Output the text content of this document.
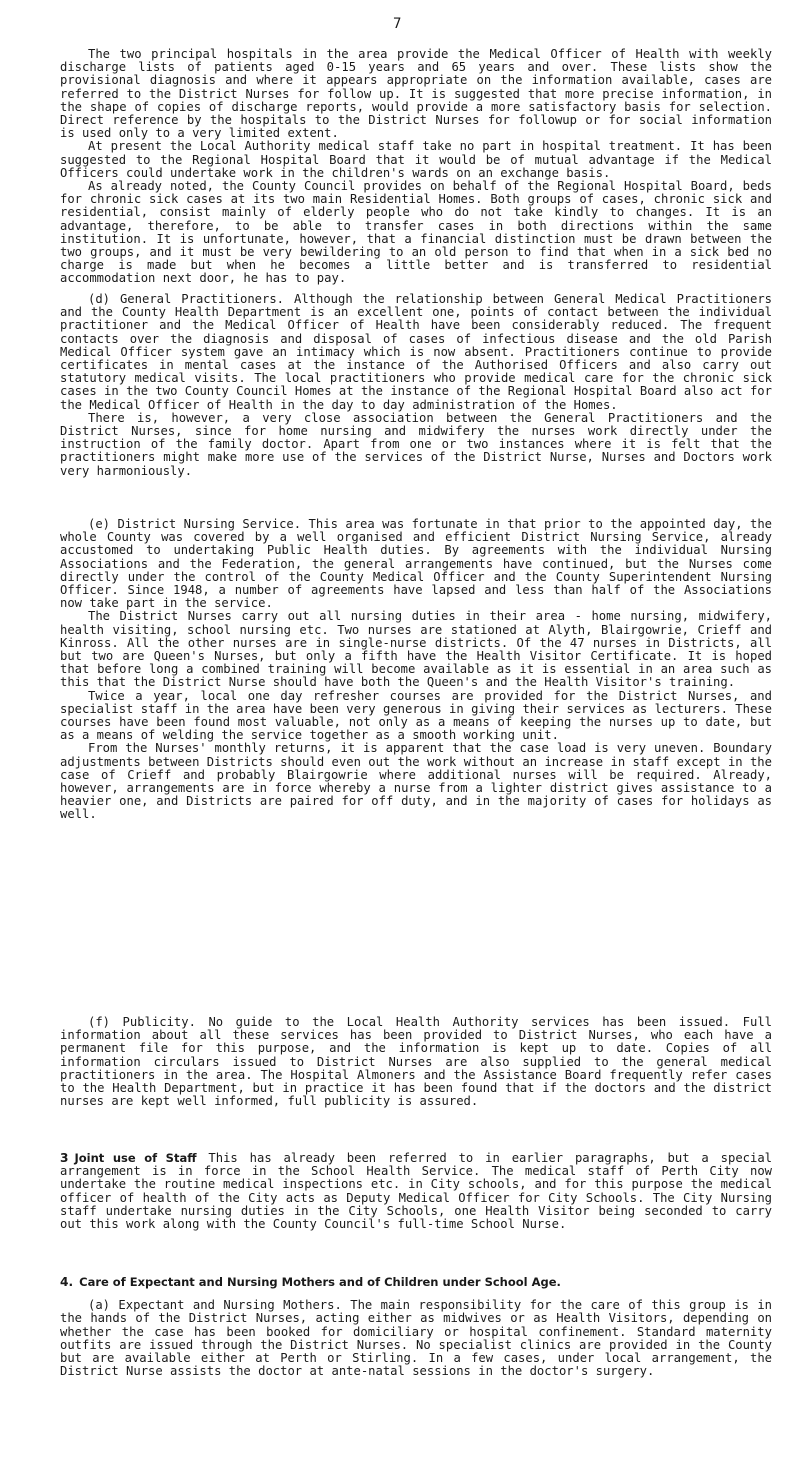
7

The two principal hospitals in the area provide the Medical Officer of Health with weekly discharge lists of patients aged 0-15 years and 65 years and over. These lists show the provisional diagnosis and where it appears appropriate on the information available, cases are referred to the District Nurses for follow up. It is suggested that more precise information, in the shape of copies of discharge reports, would provide a more satisfactory basis for selection. Direct reference by the hospitals to the District Nurses for followup or for social information is used only to a very limited extent.

At present the Local Authority medical staff take no part in hospital treatment. It has been suggested to the Regional Hospital Board that it would be of mutual advantage if the Medical Officers could undertake work in the children's wards on an exchange basis.

As already noted, the County Council provides on behalf of the Regional Hospital Board, beds for chronic sick cases at its two main Residential Homes. Both groups of cases, chronic sick and residential, consist mainly of elderly people who do not take kindly to changes. It is an advantage, therefore, to be able to transfer cases in both directions within the same institution. It is unfortunate, however, that a financial distinction must be drawn between the two groups, and it must be very bewildering to an old person to find that when in a sick bed no charge is made but when he becomes a little better and is transferred to residential accommodation next door, he has to pay.

(d) General Practitioners. Although the relationship between General Medical Practitioners and the County Health Department is an excellent one, points of contact between the individual practitioner and the Medical Officer of Health have been considerably reduced. The frequent contacts over the diagnosis and disposal of cases of infectious disease and the old Parish Medical Officer system gave an intimacy which is now absent. Practitioners continue to provide certificates in mental cases at the instance of the Authorised Officers and also carry out statutory medical visits. The local practitioners who provide medical care for the chronic sick cases in the two County Council Homes at the instance of the Regional Hospital Board also act for the Medical Officer of Health in the day to day administration of the Homes.

There is, however, a very close association between the General Practitioners and the District Nurses, since for home nursing and midwifery the nurses work directly under the instruction of the family doctor. Apart from one or two instances where it is felt that the practitioners might make more use of the services of the District Nurse, Nurses and Doctors work very harmoniously.

(e) District Nursing Service. This area was fortunate in that prior to the appointed day, the whole County was covered by a well organised and efficient District Nursing Service, already accustomed to undertaking Public Health duties. By agreements with the individual Nursing Associations and the Federation, the general arrangements have continued, but the Nurses come directly under the control of the County Medical Officer and the County Superintendent Nursing Officer. Since 1948, a number of agreements have lapsed and less than half of the Associations now take part in the service.

The District Nurses carry out all nursing duties in their area - home nursing, midwifery, health visiting, school nursing etc. Two nurses are stationed at Alyth, Blairgowrie, Crieff and Kinross. All the other nurses are in single-nurse districts. Of the 47 nurses in Districts, all but two are Queen's Nurses, but only a fifth have the Health Visitor Certificate. It is hoped that before long a combined training will become available as it is essential in an area such as this that the District Nurse should have both the Queen's and the Health Visitor's training.

Twice a year, local one day refresher courses are provided for the District Nurses, and specialist staff in the area have been very generous in giving their services as lecturers. These courses have been found most valuable, not only as a means of keeping the nurses up to date, but as a means of welding the service together as a smooth working unit.

From the Nurses' monthly returns, it is apparent that the case load is very uneven. Boundary adjustments between Districts should even out the work without an increase in staff except in the case of Crieff and probably Blairgowrie where additional nurses will be required. Already, however, arrangements are in force whereby a nurse from a lighter district gives assistance to a heavier one, and Districts are paired for off duty, and in the majority of cases for holidays as well.

(f) Publicity. No guide to the Local Health Authority services has been issued. Full information about all these services has been provided to District Nurses, who each have a permanent file for this purpose, and the information is kept up to date. Copies of all information circulars issued to District Nurses are also supplied to the general medical practitioners in the area. The Hospital Almoners and the Assistance Board frequently refer cases to the Health Department, but in practice it has been found that if the doctors and the district nurses are kept well informed, full publicity is assured.

3 Joint use of Staff This has already been referred to in earlier paragraphs, but a special arrangement is in force in the School Health Service. The medical staff of Perth City now undertake the routine medical inspections etc. in City schools, and for this purpose the medical officer of health of the City acts as Deputy Medical Officer for City Schools. The City Nursing staff undertake nursing duties in the City Schools, one Health Visitor being seconded to carry out this work along with the County Council's full-time School Nurse.

4. Care of Expectant and Nursing Mothers and of Children under School Age.

(a) Expectant and Nursing Mothers. The main responsibility for the care of this group is in the hands of the District Nurses, acting either as midwives or as Health Visitors, depending on whether the case has been booked for domiciliary or hospital confinement. Standard maternity outfits are issued through the District Nurses. No specialist clinics are provided in the County but are available either at Perth or Stirling. In a few cases, under local arrangement, the District Nurse assists the doctor at ante-natal sessions in the doctor's surgery.
